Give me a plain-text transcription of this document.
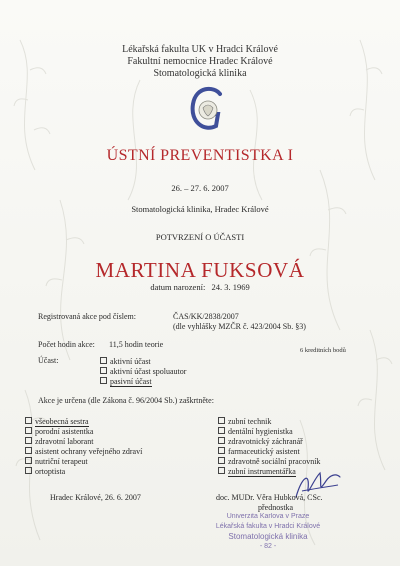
Lékařská fakulta UK v Hradci Králové
Fakultní nemocnice Hradec Králové
Stomatologická klinika
ÚSTNÍ PREVENTISTKA I
26. – 27. 6. 2007
Stomatologická klinika, Hradec Králové
POTVRZENÍ O ÚČASTI
MARTINA FUKSOVÁ
datum narození: 24. 3. 1969
Registrovaná akce pod číslem:	ČAS/KK/2838/2007
(dle vyhlášky MZČR č. 423/2004 Sb. §3)
Počet hodin akce: 11,5 hodin teorie
6 kreditních bodů
Účast:	aktivní účast
aktivní účast spoluautor
pasivní účast
Akce je určena (dle Zákona č. 96/2004 Sb.) zaškrtněte:
všeobecná sestra
porodní asistentka
zdravotní laborant
asistent ochrany veřejného zdraví
nutriční terapeut
ortoptista
zubní technik
dentální hygienistka
zdravotnický záchranář
farmaceutický asistent
zdravotně sociální pracovník
zubní instrumentářka
Hradec Králové, 26. 6. 2007	doc. MUDr. Věra Hubková, CSc.
přednostka
Univerzita Karlova v Praze
Lékařská fakulta v Hradci Králové
Stomatologická klinika
- 82 -
